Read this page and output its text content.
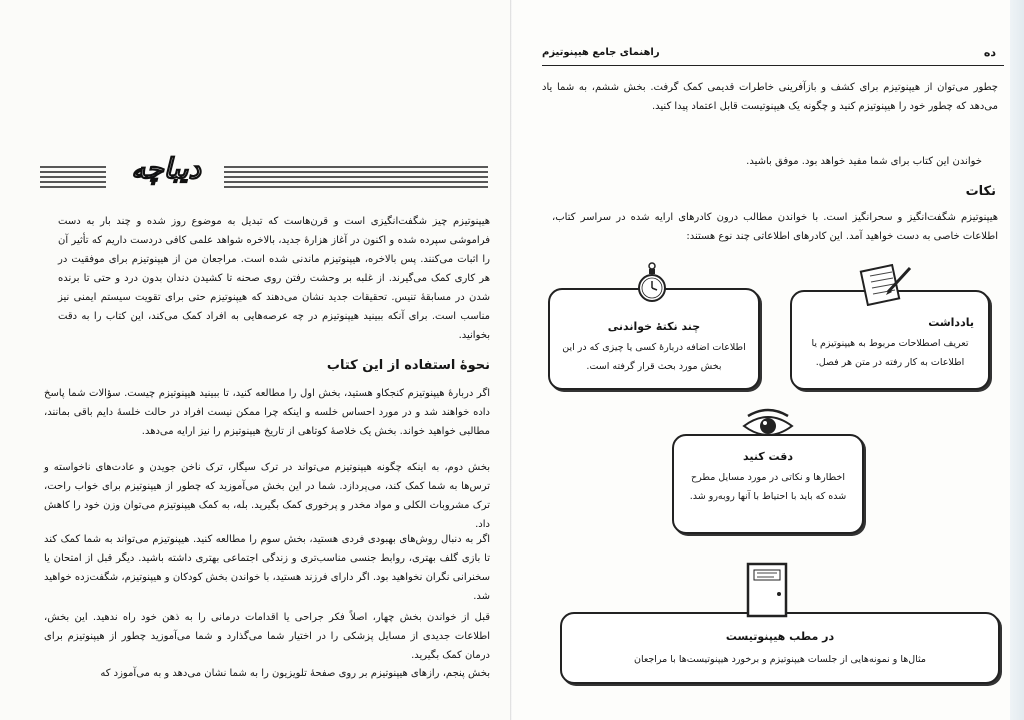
دیباچه

هیپنوتیزم چیز شگفت‌انگیزی است و قرن‌هاست که تبدیل به موضوع روز شده و چند بار به دست فراموشی سپرده شده و اکنون در آغاز هزارهٔ جدید، بالاخره شواهد علمی کافی دردست داریم که تأثیر آن را اثبات می‌کنند. پس بالاخره، هیپنوتیزم ماندنی شده است. مراجعان من از هیپنوتیزم برای موفقیت در هر کاری کمک می‌گیرند. از غلبه بر وحشت رفتن روی صحنه تا کشیدن دندان بدون درد و حتی تا برنده شدن در مسابقهٔ تنیس. تحقیقات جدید نشان می‌دهند که هیپنوتیزم حتی برای تقویت سیستم ایمنی نیز مناسب است. برای آنکه ببینید هیپنوتیزم در چه عرصه‌هایی به افراد کمک می‌کند، این کتاب را به دقت بخوانید.

نحوهٔ استفاده از این کتاب

اگر دربارهٔ هیپنوتیزم کنجکاو هستید، بخش اول را مطالعه کنید، تا ببینید هیپنوتیزم چیست. سؤالات شما پاسخ داده خواهند شد و در مورد احساس خلسه و اینکه چرا ممکن نیست افراد در حالت خلسهٔ دایم باقی بمانند، مطالبی خواهید خواند. بخش یک خلاصهٔ کوتاهی از تاریخ هیپنوتیزم را نیز ارایه می‌دهد.

بخش دوم، به اینکه چگونه هیپنوتیزم می‌تواند در ترک سیگار، ترک ناخن جویدن و عادت‌های ناخواسته و ترس‌ها به شما کمک کند، می‌پردازد. شما در این بخش می‌آموزید که چطور از هیپنوتیزم برای خواب راحت، ترک مشروبات الکلی و مواد مخدر و پرخوری کمک بگیرید. بله، به کمک هیپنوتیزم می‌توان وزن خود را کاهش داد.

اگر به دنبال روش‌های بهبودی فردی هستید، بخش سوم را مطالعه کنید. هیپنوتیزم می‌تواند به شما کمک کند تا بازی گلف بهتری، روابط جنسی مناسب‌تری و زندگی اجتماعی بهتری داشته باشید. دیگر قبل از امتحان یا سخنرانی نگران نخواهید بود. اگر دارای فرزند هستید، با خواندن بخش کودکان و هیپنوتیزم، شگفت‌زده خواهید شد.

قبل از خواندن بخش چهار، اصلاً فکر جراحی یا اقدامات درمانی را به ذهن خود راه ندهید. این بخش، اطلاعات جدیدی از مسایل پزشکی را در اختیار شما می‌گذارد و شما می‌آموزید چطور از هیپنوتیزم برای درمان کمک بگیرید.

بخش پنجم، رازهای هیپنوتیزم بر روی صفحهٔ تلویزیون را به شما نشان می‌دهد و به می‌آموزد که

راهنمای جامع هیپنوتیزم	ده

چطور می‌توان از هیپنوتیزم برای کشف و بازآفرینی خاطرات قدیمی کمک گرفت. بخش ششم، به شما یاد می‌دهد که چطور خود را هیپنوتیزم کنید و چگونه یک هیپنوتیست قابل اعتماد پیدا کنید.

خواندن این کتاب برای شما مفید خواهد بود. موفق باشید.

نکات

هیپنوتیزم شگفت‌انگیز و سحرانگیز است. با خواندن مطالب درون کادرهای ارایه شده در سراسر کتاب، اطلاعات خاصی به دست خواهید آمد. این کادرهای اطلاعاتی چند نوع هستند:

یادداشت

تعریف اصطلاحات مربوط به هیپنوتیزم یا اطلاعات به کار رفته در متن هر فصل.

چند نکتهٔ خواندنی

اطلاعات اضافه دربارهٔ کسی یا چیزی که در این بخش مورد بحث قرار گرفته است.

دقت کنید

اخطارها و نکاتی در مورد مسایل مطرح شده که باید با احتیاط با آنها روبه‌رو شد.

در مطب هیپنوتیست

مثال‌ها و نمونه‌هایی از جلسات هیپنوتیزم و برخورد هیپنوتیست‌ها با مراجعان
